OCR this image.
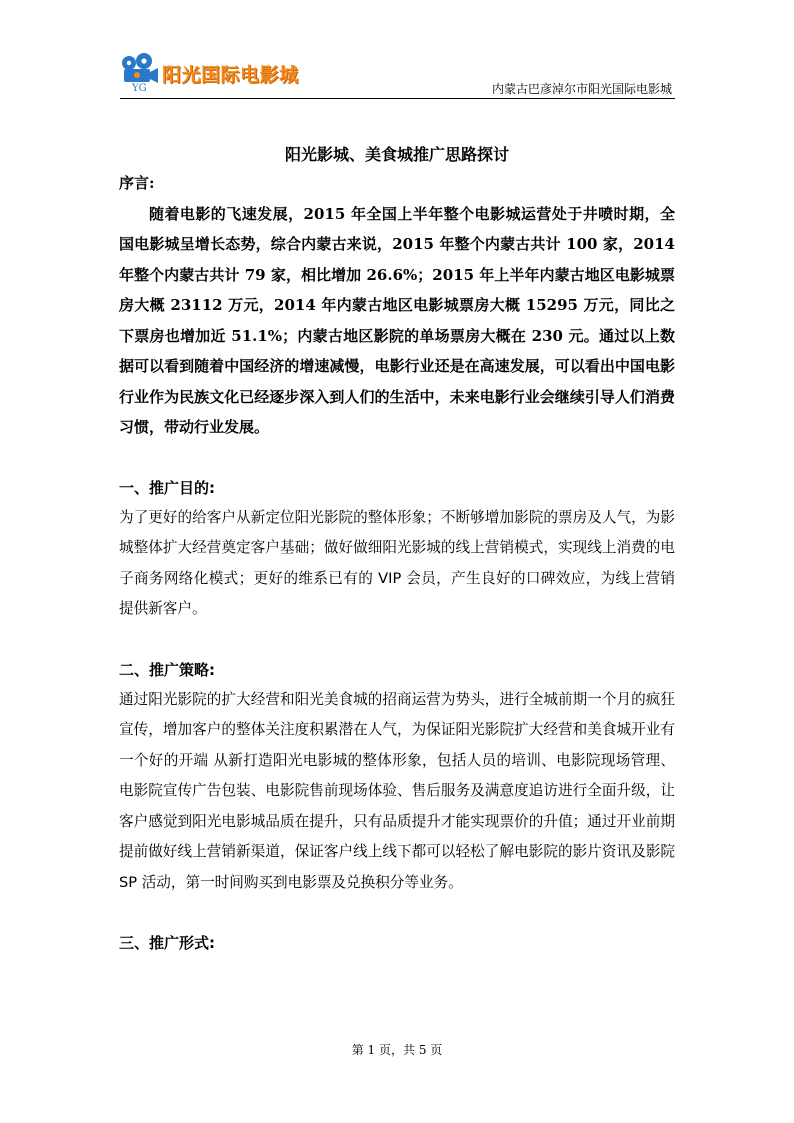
YG
阳光国际电影城
内蒙古巴彦淖尔市阳光国际电影城
阳光影城、美食城推广思路探讨

序言:

随着电影的飞速发展，2015 年全国上半年整个电影城运营处于井喷时期，全国电影城呈增长态势，综合内蒙古来说，2015 年整个内蒙古共计 100 家，2014 年整个内蒙古共计 79 家，相比增加 26.6%；2015 年上半年内蒙古地区电影城票房大概 23112 万元，2014 年内蒙古地区电影城票房大概 15295 万元，同比之下票房也增加近 51.1%；内蒙古地区影院的单场票房大概在 230 元。通过以上数据可以看到随着中国经济的增速减慢，电影行业还是在高速发展，可以看出中国电影行业作为民族文化已经逐步深入到人们的生活中，未来电影行业会继续引导人们消费习惯，带动行业发展。

一、推广目的:

为了更好的给客户从新定位阳光影院的整体形象；不断够增加影院的票房及人气，为影城整体扩大经营奠定客户基础；做好做细阳光影城的线上营销模式，实现线上消费的电子商务网络化模式；更好的维系已有的 VIP 会员，产生良好的口碑效应，为线上营销提供新客户。

二、推广策略:

通过阳光影院的扩大经营和阳光美食城的招商运营为势头，进行全城前期一个月的疯狂宣传，增加客户的整体关注度积累潜在人气，为保证阳光影院扩大经营和美食城开业有一个好的开端 从新打造阳光电影城的整体形象，包括人员的培训、电影院现场管理、电影院宣传广告包装、电影院售前现场体验、售后服务及满意度追访进行全面升级，让客户感觉到阳光电影城品质在提升，只有品质提升才能实现票价的升值；通过开业前期提前做好线上营销新渠道，保证客户线上线下都可以轻松了解电影院的影片资讯及影院 SP 活动，第一时间购买到电影票及兑换积分等业务。

三、推广形式:

第 1 页，共 5 页
